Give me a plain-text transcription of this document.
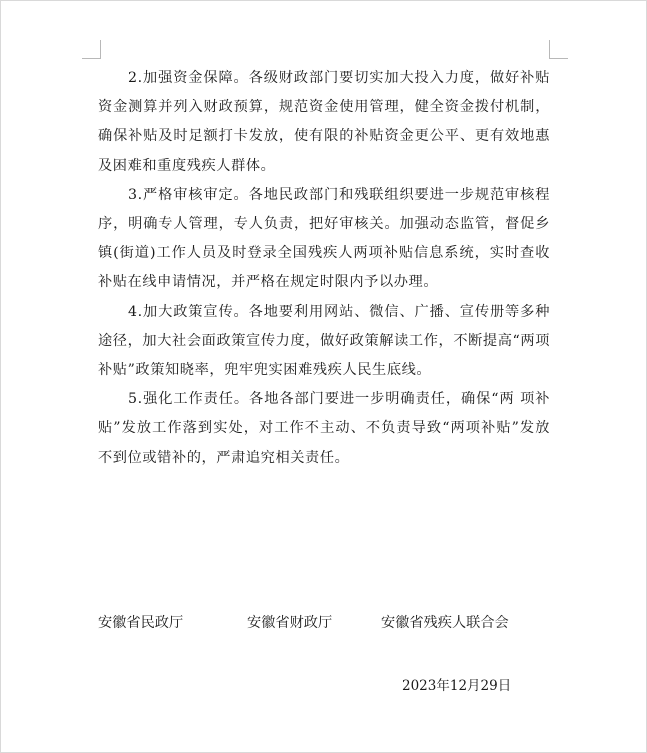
2.加强资金保障。各级财政部门要切实加大投入力度，做好补贴资金测算并列入财政预算，规范资金使用管理，健全资金拨付机制，确保补贴及时足额打卡发放，使有限的补贴资金更公平、更有效地惠及困难和重度残疾人群体。

3.严格审核审定。各地民政部门和残联组织要进一步规范审核程序，明确专人管理，专人负责，把好审核关。加强动态监管，督促乡镇(街道)工作人员及时登录全国残疾人两项补贴信息系统，实时查收补贴在线申请情况，并严格在规定时限内予以办理。

4.加大政策宣传。各地要利用网站、微信、广播、宣传册等多种途径，加大社会面政策宣传力度，做好政策解读工作，不断提高“两项补贴”政策知晓率，兜牢兜实困难残疾人民生底线。

5.强化工作责任。各地各部门要进一步明确责任，确保“两 项补贴”发放工作落到实处，对工作不主动、不负责导致“两项补贴”发放不到位或错补的，严肃追究相关责任。

安徽省民政厅	安徽省财政厅	安徽省残疾人联合会
2023年12月29日
